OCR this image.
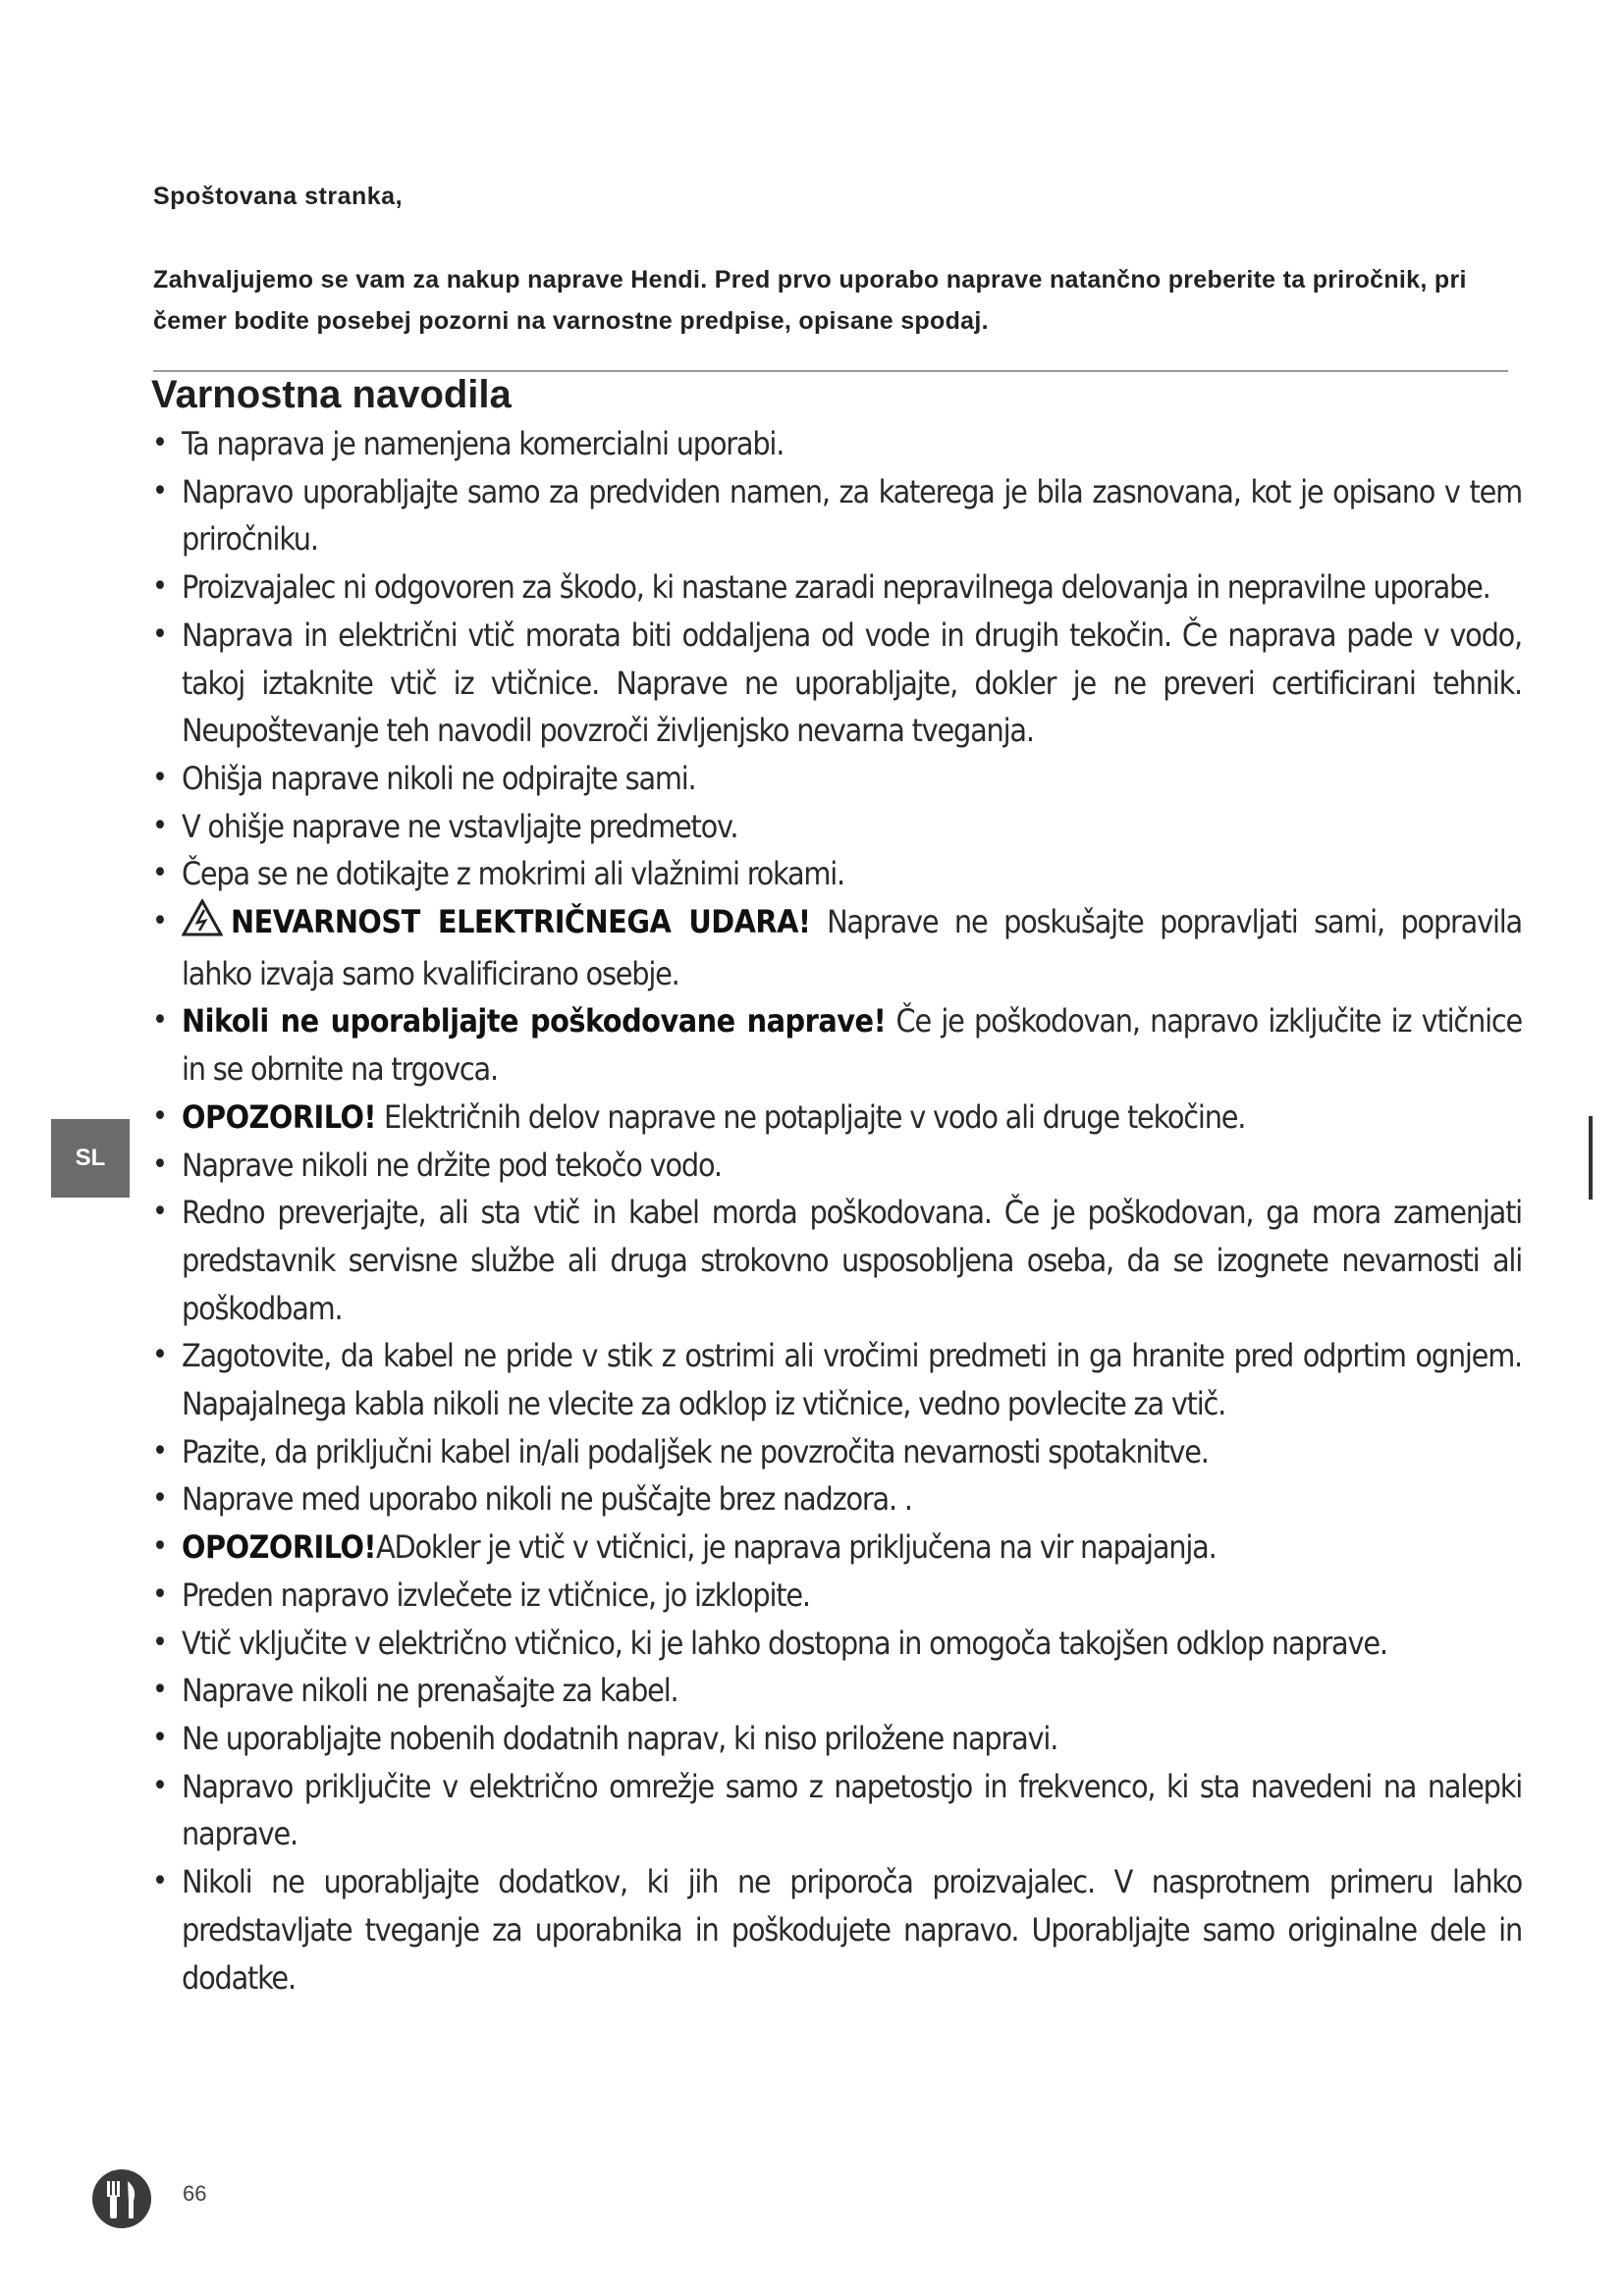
Spoštovana stranka,

Zahvaljujemo se vam za nakup naprave Hendi. Pred prvo uporabo naprave natančno preberite ta priročnik, pri čemer bodite posebej pozorni na varnostne predpise, opisane spodaj.

Varnostna navodila
• Ta naprava je namenjena komercialni uporabi.
• Napravo uporabljajte samo za predviden namen, za katerega je bila zasnovana, kot je opisano v tem priročniku.
• Proizvajalec ni odgovoren za škodo, ki nastane zaradi nepravilnega delovanja in nepravilne uporabe.
• Naprava in električni vtič morata biti oddaljena od vode in drugih tekočin. Če naprava pade v vodo, takoj iztaknite vtič iz vtičnice. Naprave ne uporabljajte, dokler je ne preveri certificirani tehnik. Neupoštevanje teh navodil povzroči življenjsko nevarna tveganja.
• Ohišja naprave nikoli ne odpirajte sami.
• V ohišje naprave ne vstavljajte predmetov.
• Čepa se ne dotikajte z mokrimi ali vlažnimi rokami.
• NEVARNOST ELEKTRIČNEGA UDARA! Naprave ne poskušajte popravljati sami, popravila lahko izvaja samo kvalificirano osebje.
• Nikoli ne uporabljajte poškodovane naprave! Če je poškodovan, napravo izključite iz vtičnice in se obrnite na trgovca.
• OPOZORILO! Električnih delov naprave ne potapljajte v vodo ali druge tekočine.
• Naprave nikoli ne držite pod tekočo vodo.
• Redno preverjajte, ali sta vtič in kabel morda poškodovana. Če je poškodovan, ga mora zamenjati predstavnik servisne službe ali druga strokovno usposobljena oseba, da se izognete nevarnosti ali poškodbam.
• Zagotovite, da kabel ne pride v stik z ostrimi ali vročimi predmeti in ga hranite pred odprtim ognjem. Napajalnega kabla nikoli ne vlecite za odklop iz vtičnice, vedno povlecite za vtič.
• Pazite, da priključni kabel in/ali podaljšek ne povzročita nevarnosti spotaknitve.
• Naprave med uporabo nikoli ne puščajte brez nadzora. .
• OPOZORILO!ADokler je vtič v vtičnici, je naprava priključena na vir napajanja.
• Preden napravo izvlečete iz vtičnice, jo izklopite.
• Vtič vključite v električno vtičnico, ki je lahko dostopna in omogoča takojšen odklop naprave.
• Naprave nikoli ne prenašajte za kabel.
• Ne uporabljajte nobenih dodatnih naprav, ki niso priložene napravi.
• Napravo priključite v električno omrežje samo z napetostjo in frekvenco, ki sta navedeni na nalepki naprave.
• Nikoli ne uporabljajte dodatkov, ki jih ne priporoča proizvajalec. V nasprotnem primeru lahko predstavljate tveganje za uporabnika in poškodujete napravo. Uporabljajte samo originalne dele in dodatke.
SL
66
